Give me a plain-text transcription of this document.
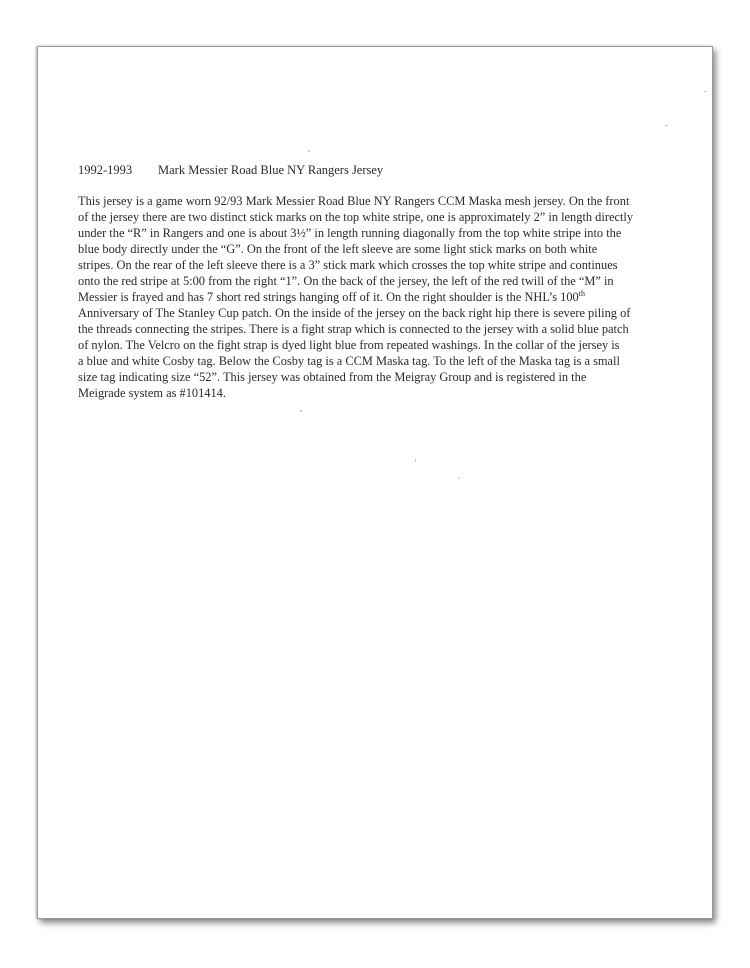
1992-1993 Mark Messier Road Blue NY Rangers Jersey
This jersey is a game worn 92/93 Mark Messier Road Blue NY Rangers CCM Maska mesh jersey. On the front
of the jersey there are two distinct stick marks on the top white stripe, one is approximately 2” in length directly
under the “R” in Rangers and one is about 3½” in length running diagonally from the top white stripe into the
blue body directly under the “G”. On the front of the left sleeve are some light stick marks on both white
stripes. On the rear of the left sleeve there is a 3” stick mark which crosses the top white stripe and continues
onto the red stripe at 5:00 from the right “1”. On the back of the jersey, the left of the red twill of the “M” in
Messier is frayed and has 7 short red strings hanging off of it. On the right shoulder is the NHL’s 100th
Anniversary of The Stanley Cup patch. On the inside of the jersey on the back right hip there is severe piling of
the threads connecting the stripes. There is a fight strap which is connected to the jersey with a solid blue patch
of nylon. The Velcro on the fight strap is dyed light blue from repeated washings. In the collar of the jersey is
a blue and white Cosby tag. Below the Cosby tag is a CCM Maska tag. To the left of the Maska tag is a small
size tag indicating size “52”. This jersey was obtained from the Meigray Group and is registered in the
Meigrade system as #101414.
